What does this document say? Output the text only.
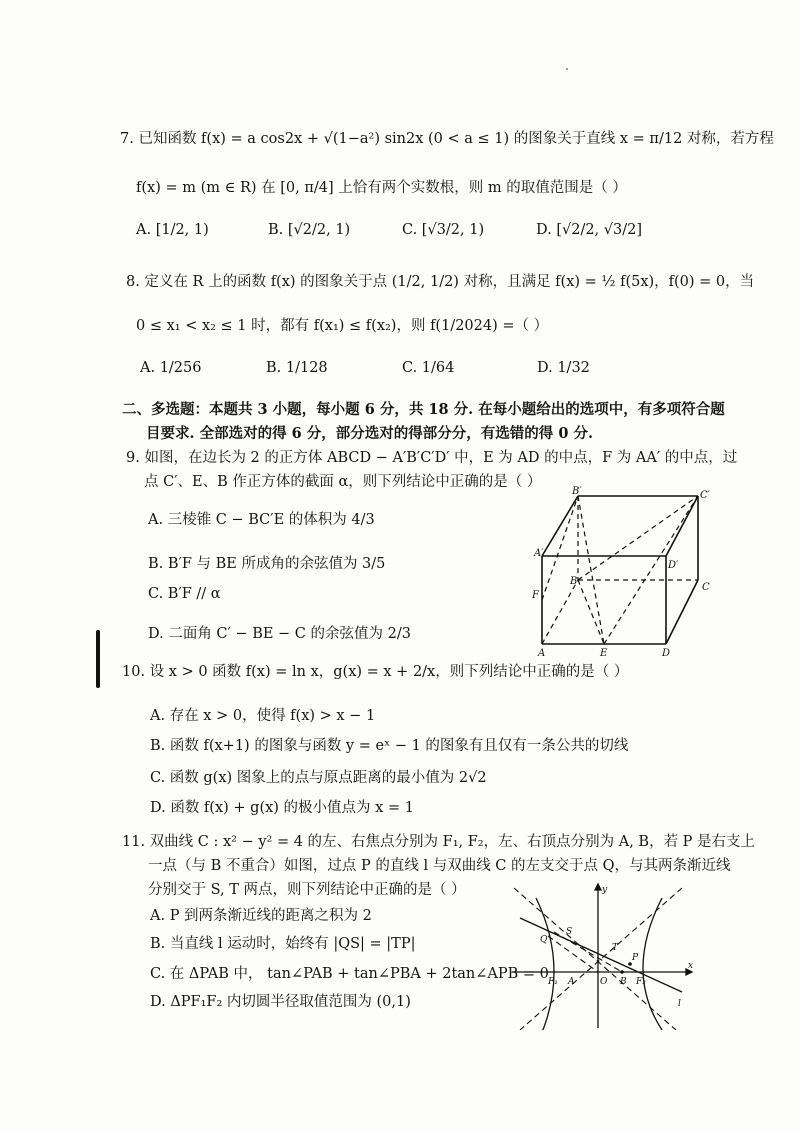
7. 已知函数 f(x) = a cos2x + √(1−a²) sin2x (0 < a ≤ 1) 的图象关于直线 x = π/12 对称，若方程
f(x) = m (m ∈ R) 在 [0, π/4] 上恰有两个实数根，则 m 的取值范围是（ ）
A. [1/2, 1)	B. [√2/2, 1)	C. [√3/2, 1)	D. [√2/2, √3/2]
8. 定义在 R 上的函数 f(x) 的图象关于点 (1/2, 1/2) 对称，且满足 f(x) = ½ f(5x)，f(0) = 0，当
0 ≤ x₁ < x₂ ≤ 1 时，都有 f(x₁) ≤ f(x₂)，则 f(1/2024) =（ ）
A. 1/256	B. 1/128	C. 1/64	D. 1/32
二、多选题：本题共 3 小题，每小题 6 分，共 18 分. 在每小题给出的选项中，有多项符合题
目要求. 全部选对的得 6 分，部分选对的得部分分，有选错的得 0 分.
9. 如图，在边长为 2 的正方体 ABCD − A′B′C′D′ 中，E 为 AD 的中点，F 为 AA′ 的中点，过
点 C′、E、B 作正方体的截面 α，则下列结论中正确的是（ ）
A. 三棱锥 C − BC′E 的体积为 4/3
B. B′F 与 BE 所成角的余弦值为 3/5
C. B′F // α
D. 二面角 C′ − BE − C 的余弦值为 2/3
B′	C′
A′
D′
B
C
F
A	E	D
10. 设 x > 0 函数 f(x) = ln x，g(x) = x + 2/x，则下列结论中正确的是（ ）
A. 存在 x > 0，使得 f(x) > x − 1
B. 函数 f(x+1) 的图象与函数 y = eˣ − 1 的图象有且仅有一条公共的切线
C. 函数 g(x) 图象上的点与原点距离的最小值为 2√2
D. 函数 f(x) + g(x) 的极小值点为 x = 1
11. 双曲线 C : x² − y² = 4 的左、右焦点分别为 F₁, F₂，左、右顶点分别为 A, B，若 P 是右支上
一点（与 B 不重合）如图，过点 P 的直线 l 与双曲线 C 的左支交于点 Q，与其两条渐近线
分别交于 S, T 两点，则下列结论中正确的是（ ）
A. P 到两条渐近线的距离之积为 2
B. 当直线 l 运动时，始终有 |QS| = |TP|
C. 在 ΔPAB 中， tan∠PAB + tan∠PBA + 2tan∠APB = 0
D. ΔPF₁F₂ 内切圆半径取值范围为 (0,1)
y
x
Q
S
T
P
F₁ A	O B F₂
l
